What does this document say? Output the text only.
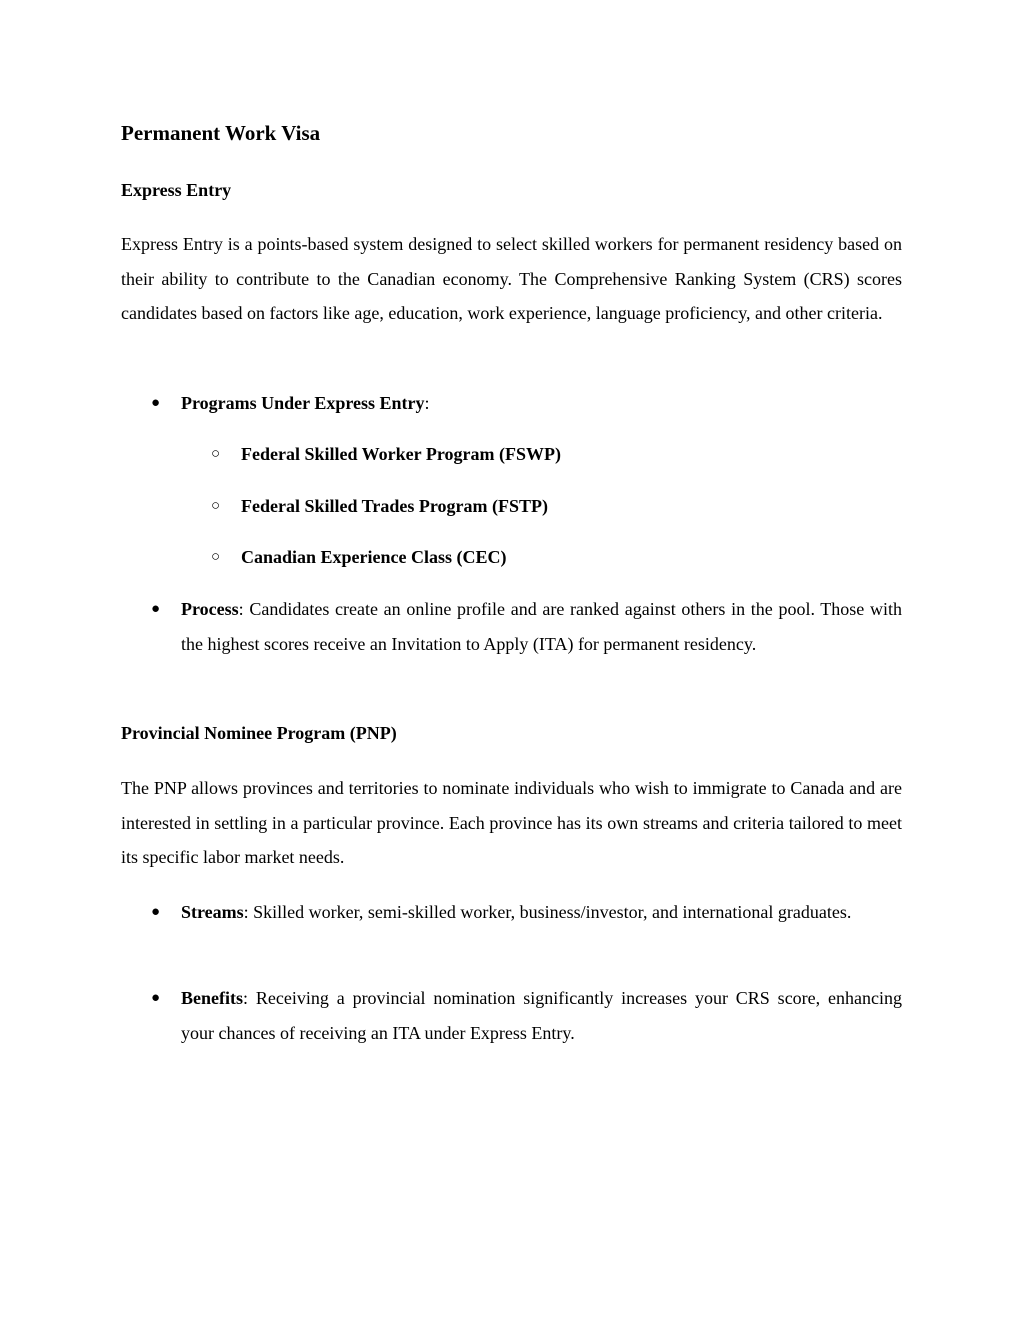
Permanent Work Visa
Express Entry
Express Entry is a points-based system designed to select skilled workers for permanent residency based on their ability to contribute to the Canadian economy. The Comprehensive Ranking System (CRS) scores candidates based on factors like age, education, work experience, language proficiency, and other criteria.
● Programs Under Express Entry:
○ Federal Skilled Worker Program (FSWP)
○ Federal Skilled Trades Program (FSTP)
○ Canadian Experience Class (CEC)
● Process: Candidates create an online profile and are ranked against others in the pool. Those with the highest scores receive an Invitation to Apply (ITA) for permanent residency.
Provincial Nominee Program (PNP)
The PNP allows provinces and territories to nominate individuals who wish to immigrate to Canada and are interested in settling in a particular province. Each province has its own streams and criteria tailored to meet its specific labor market needs.
● Streams: Skilled worker, semi-skilled worker, business/investor, and international graduates.
● Benefits: Receiving a provincial nomination significantly increases your CRS score, enhancing your chances of receiving an ITA under Express Entry.
